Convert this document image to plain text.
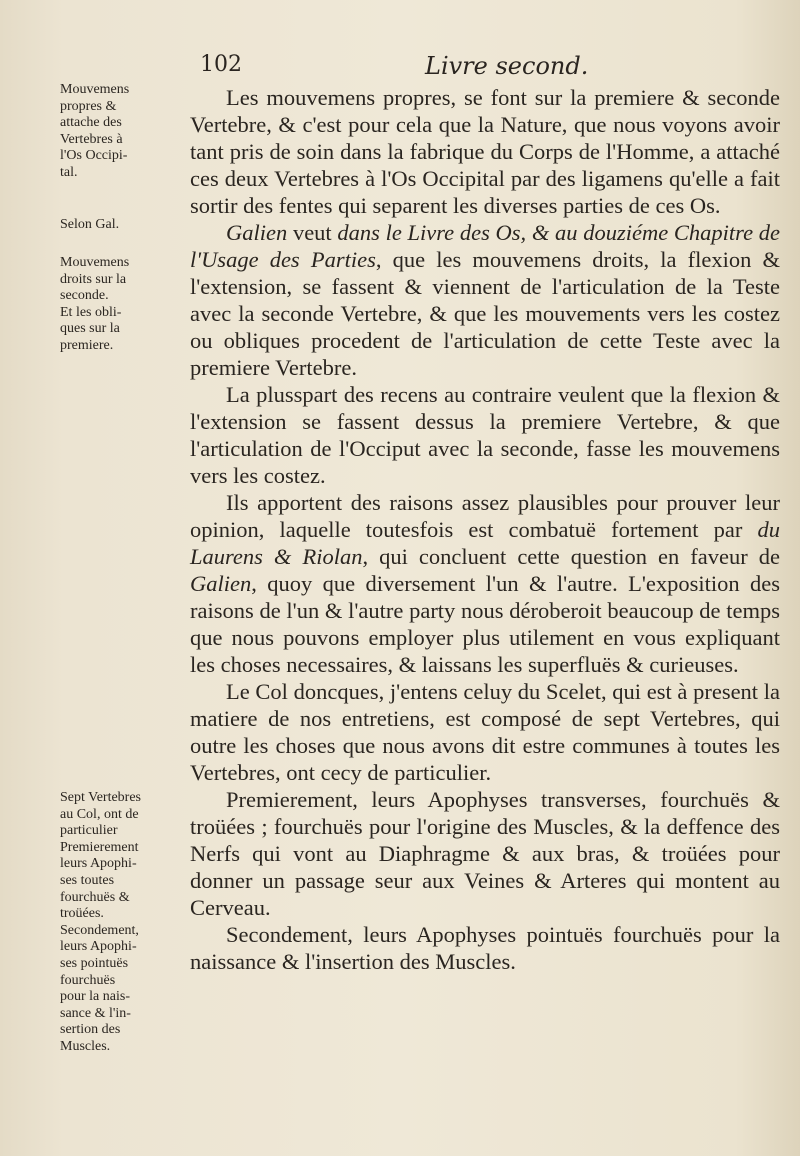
102	Livre second.
Mouvemens
propres &
attache des
Vertebres à
l'Os Occipi-
tal.
Selon Gal.
Mouvemens
droits sur la
seconde.
Et les obli-
ques sur la
premiere.
Sept Vertebres
au Col, ont de
particulier
Premierement
leurs Apophi-
ses toutes
fourchuës &
troüées.
Secondement,
leurs Apophi-
ses pointuës
fourchuës
pour la nais-
sance & l'in-
sertion des
Muscles.

Les mouvemens propres, se font sur la premiere & seconde Vertebre, & c'est pour cela que la Nature, que nous voyons avoir tant pris de soin dans la fabrique du Corps de l'Homme, a attaché ces deux Vertebres à l'Os Occipital par des ligamens qu'elle a fait sortir des fentes qui separent les diverses parties de ces Os.

Galien veut dans le Livre des Os, & au douziéme Chapitre de l'Usage des Parties, que les mouvemens droits, la flexion & l'extension, se fassent & viennent de l'articulation de la Teste avec la seconde Vertebre, & que les mouvements vers les costez ou obliques procedent de l'articulation de cette Teste avec la premiere Vertebre.

La plusspart des recens au contraire veulent que la flexion & l'extension se fassent dessus la premiere Vertebre, & que l'articulation de l'Occiput avec la seconde, fasse les mouvemens vers les costez.

Ils apportent des raisons assez plausibles pour prouver leur opinion, laquelle toutesfois est combatuë fortement par du Laurens & Riolan, qui concluent cette question en faveur de Galien, quoy que diversement l'un & l'autre. L'exposition des raisons de l'un & l'autre party nous déroberoit beaucoup de temps que nous pouvons employer plus utilement en vous expliquant les choses necessaires, & laissans les superfluës & curieuses.

Le Col doncques, j'entens celuy du Scelet, qui est à present la matiere de nos entretiens, est composé de sept Vertebres, qui outre les choses que nous avons dit estre communes à toutes les Vertebres, ont cecy de particulier.

Premierement, leurs Apophyses transverses, fourchuës & troüées ; fourchuës pour l'origine des Muscles, & la deffence des Nerfs qui vont au Diaphragme & aux bras, & troüées pour donner un passage seur aux Veines & Arteres qui montent au Cerveau.

Secondement, leurs Apophyses pointuës fourchuës pour la naissance & l'insertion des Muscles.
